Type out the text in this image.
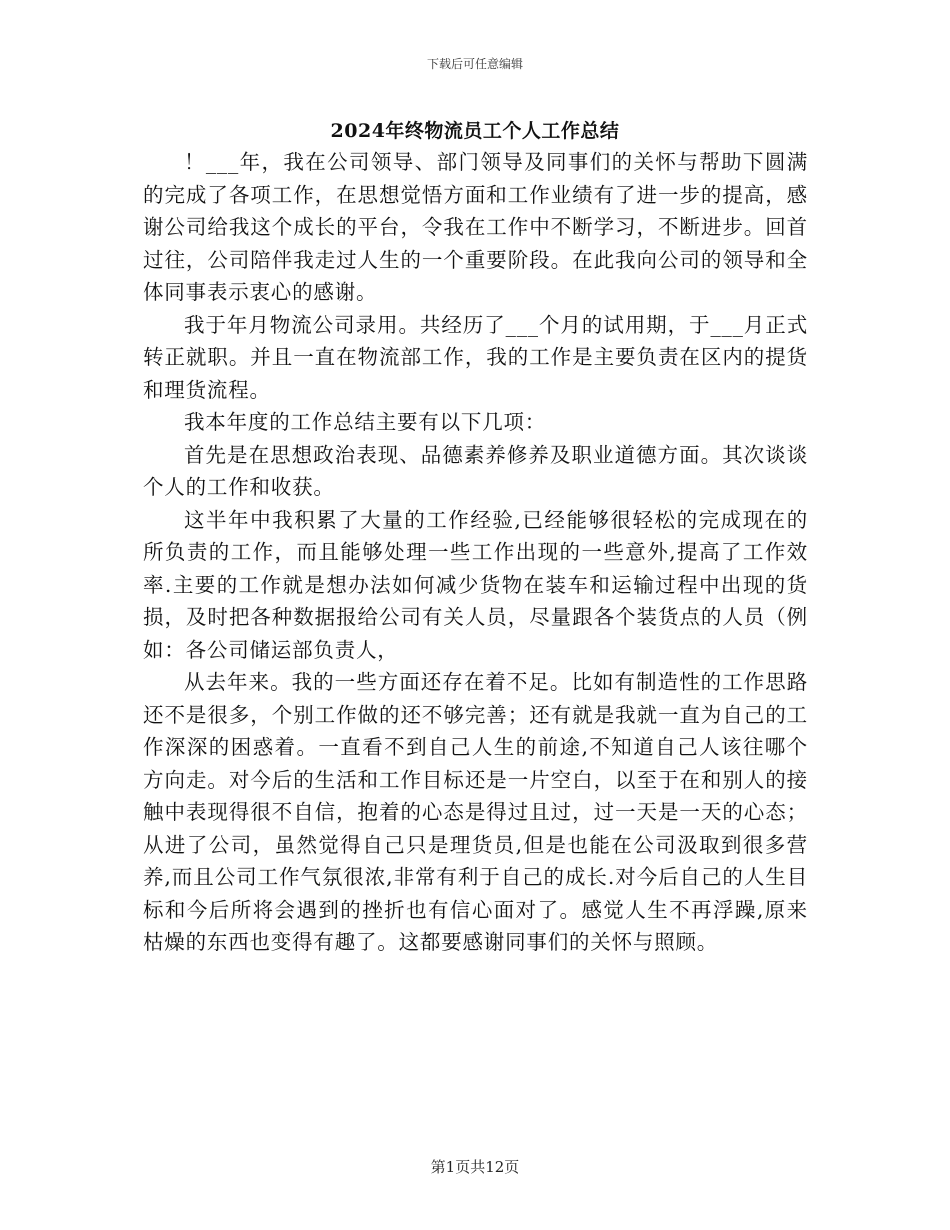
下载后可任意编辑
2024年终物流员工个人工作总结

！___年，我在公司领导、部门领导及同事们的关怀与帮助下圆满的完成了各项工作，在思想觉悟方面和工作业绩有了进一步的提高，感谢公司给我这个成长的平台，令我在工作中不断学习，不断进步。回首过往，公司陪伴我走过人生的一个重要阶段。在此我向公司的领导和全体同事表示衷心的感谢。

我于年月物流公司录用。共经历了___个月的试用期，于___月正式转正就职。并且一直在物流部工作，我的工作是主要负责在区内的提货和理货流程。

我本年度的工作总结主要有以下几项：

首先是在思想政治表现、品德素养修养及职业道德方面。其次谈谈个人的工作和收获。

这半年中我积累了大量的工作经验,已经能够很轻松的完成现在的所负责的工作，而且能够处理一些工作出现的一些意外,提高了工作效率.主要的工作就是想办法如何减少货物在装车和运输过程中出现的货损，及时把各种数据报给公司有关人员，尽量跟各个装货点的人员（例如：各公司储运部负责人，

从去年来。我的一些方面还存在着不足。比如有制造性的工作思路还不是很多，个别工作做的还不够完善；还有就是我就一直为自己的工作深深的困惑着。一直看不到自己人生的前途,不知道自己人该往哪个方向走。对今后的生活和工作目标还是一片空白，以至于在和别人的接触中表现得很不自信，抱着的心态是得过且过，过一天是一天的心态；从进了公司，虽然觉得自己只是理货员,但是也能在公司汲取到很多营养,而且公司工作气氛很浓,非常有利于自己的成长.对今后自己的人生目标和今后所将会遇到的挫折也有信心面对了。感觉人生不再浮躁,原来枯燥的东西也变得有趣了。这都要感谢同事们的关怀与照顾。

第1页共12页
